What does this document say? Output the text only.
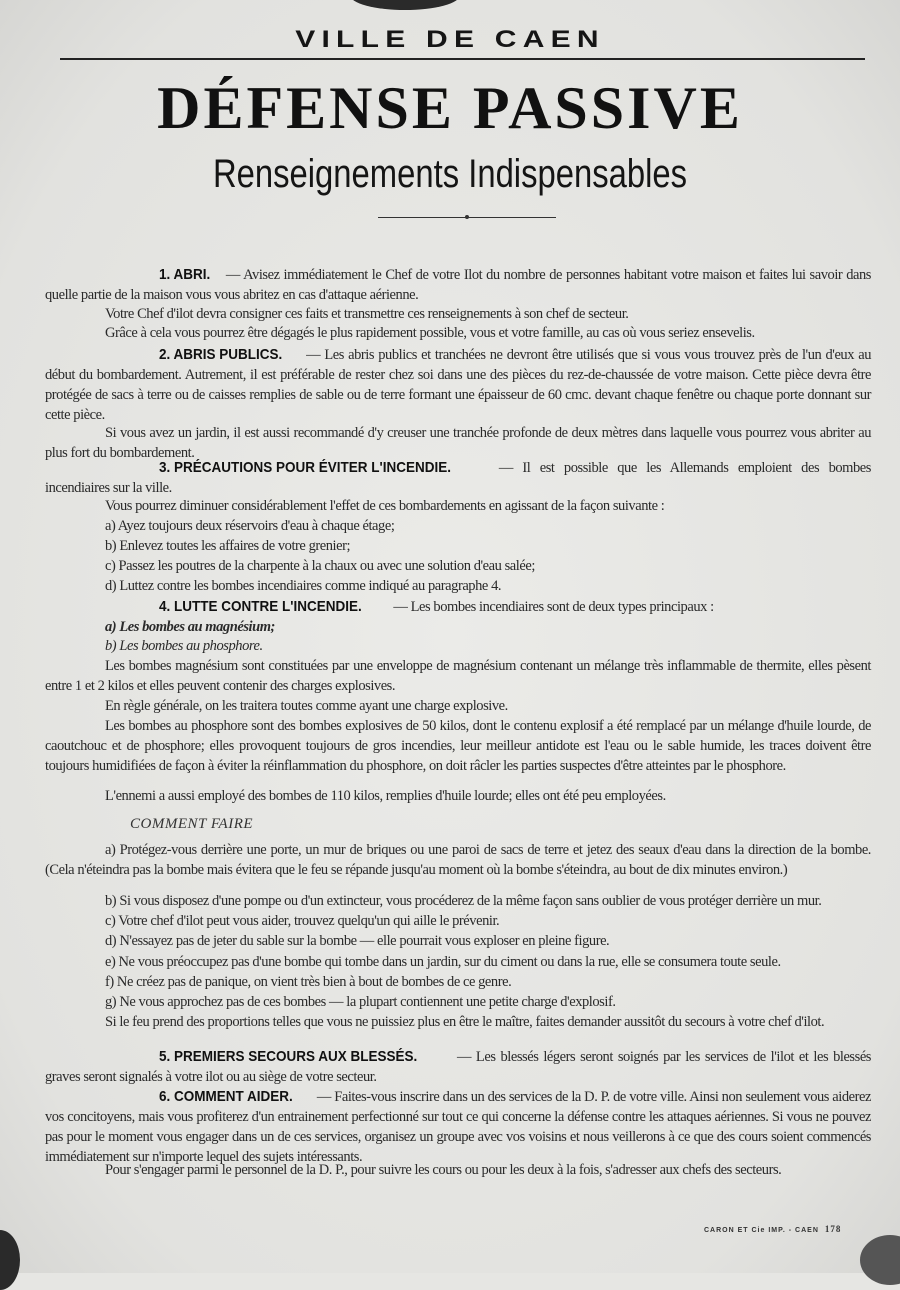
VILLE DE CAEN
DÉFENSE PASSIVE
Renseignements Indispensables
1. ABRI. — Avisez immédiatement le Chef de votre Ilot du nombre de personnes habitant votre maison et faites lui savoir dans quelle partie de la maison vous vous abritez en cas d'attaque aérienne.
Votre Chef d'ilot devra consigner ces faits et transmettre ces renseignements à son chef de secteur.
Grâce à cela vous pourrez être dégagés le plus rapidement possible, vous et votre famille, au cas où vous seriez ensevelis.
2. ABRIS PUBLICS. — Les abris publics et tranchées ne devront être utilisés que si vous vous trouvez près de l'un d'eux au début du bombardement. Autrement, il est préférable de rester chez soi dans une des pièces du rez-de-chaussée de votre maison. Cette pièce devra être protégée de sacs à terre ou de caisses remplies de sable ou de terre formant une épaisseur de 60 cmc. devant chaque fenêtre ou chaque porte donnant sur cette pièce.
Si vous avez un jardin, il est aussi recommandé d'y creuser une tranchée profonde de deux mètres dans laquelle vous pourrez vous abriter au plus fort du bombardement.
3. PRÉCAUTIONS POUR ÉVITER L'INCENDIE.	— Il est possible que les Allemands emploient des bombes incendiaires sur la ville.
Vous pourrez diminuer considérablement l'effet de ces bombardements en agissant de la façon suivante :
a) Ayez toujours deux réservoirs d'eau à chaque étage;
b) Enlevez toutes les affaires de votre grenier;
c) Passez les poutres de la charpente à la chaux ou avec une solution d'eau salée;
d) Luttez contre les bombes incendiaires comme indiqué au paragraphe 4.
4. LUTTE CONTRE L'INCENDIE. — Les bombes incendiaires sont de deux types principaux :
a) Les bombes au magnésium;
b) Les bombes au phosphore.
Les bombes magnésium sont constituées par une enveloppe de magnésium contenant un mélange très inflammable de thermite, elles pèsent entre 1 et 2 kilos et elles peuvent contenir des charges explosives.
En règle générale, on les traitera toutes comme ayant une charge explosive.
Les bombes au phosphore sont des bombes explosives de 50 kilos, dont le contenu explosif a été remplacé par un mélange d'huile lourde, de caoutchouc et de phosphore; elles provoquent toujours de gros incendies, leur meilleur antidote est l'eau ou le sable humide, les traces doivent être toujours humidifiées de façon à éviter la réinflammation du phosphore, on doit râcler les parties suspectes d'être atteintes par le phosphore.
L'ennemi a aussi employé des bombes de 110 kilos, remplies d'huile lourde; elles ont été peu employées.
COMMENT FAIRE
a) Protégez-vous derrière une porte, un mur de briques ou une paroi de sacs de terre et jetez des seaux d'eau dans la direction de la bombe. (Cela n'éteindra pas la bombe mais évitera que le feu se répande jusqu'au moment où la bombe s'éteindra, au bout de dix minutes environ.)
b) Si vous disposez d'une pompe ou d'un extincteur, vous procéderez de la même façon sans oublier de vous protéger derrière un mur.
c) Votre chef d'ilot peut vous aider, trouvez quelqu'un qui aille le prévenir.
d) N'essayez pas de jeter du sable sur la bombe — elle pourrait vous exploser en pleine figure.
e) Ne vous préoccupez pas d'une bombe qui tombe dans un jardin, sur du ciment ou dans la rue, elle se consumera toute seule.
f) Ne créez pas de panique, on vient très bien à bout de bombes de ce genre.
g) Ne vous approchez pas de ces bombes — la plupart contiennent une petite charge d'explosif.
Si le feu prend des proportions telles que vous ne puissiez plus en être le maître, faites demander aussitôt du secours à votre chef d'ilot.
5. PREMIERS SECOURS AUX BLESSÉS. — Les blessés légers seront soignés par les services de l'ilot et les blessés graves seront signalés à votre ilot ou au siège de votre secteur.
6. COMMENT AIDER. — Faites-vous inscrire dans un des services de la D. P. de votre ville. Ainsi non seulement vous aiderez vos concitoyens, mais vous profiterez d'un entrainement perfectionné sur tout ce qui concerne la défense contre les attaques aériennes. Si vous ne pouvez pas pour le moment vous engager dans un de ces services, organisez un groupe avec vos voisins et nous veillerons à ce que des cours soient commencés immédiatement sur n'importe lequel des sujets intéressants.
Pour s'engager parmi le personnel de la D. P., pour suivre les cours ou pour les deux à la fois, s'adresser aux chefs des secteurs.
CARON ET Cie IMP. - CAEN 178
